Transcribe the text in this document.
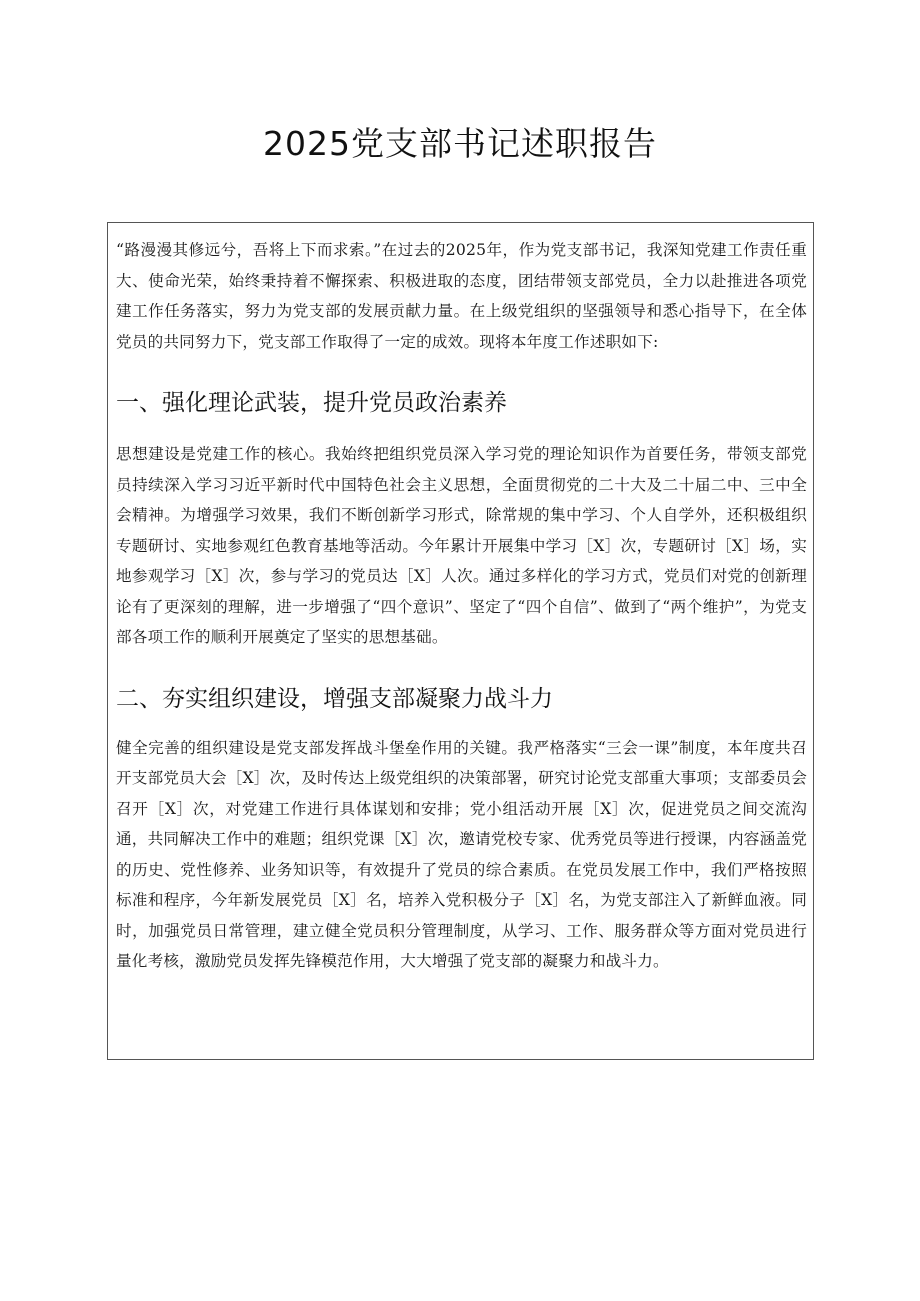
2025党支部书记述职报告

“路漫漫其修远兮，吾将上下而求索。”在过去的2025年，作为党支部书记，我深知党建工作责任重大、使命光荣，始终秉持着不懈探索、积极进取的态度，团结带领支部党员，全力以赴推进各项党建工作任务落实，努力为党支部的发展贡献力量。在上级党组织的坚强领导和悉心指导下，在全体党员的共同努力下，党支部工作取得了一定的成效。现将本年度工作述职如下:

一、强化理论武装，提升党员政治素养

思想建设是党建工作的核心。我始终把组织党员深入学习党的理论知识作为首要任务，带领支部党员持续深入学习习近平新时代中国特色社会主义思想，全面贯彻党的二十大及二十届二中、三中全会精神。为增强学习效果，我们不断创新学习形式，除常规的集中学习、个人自学外，还积极组织专题研讨、实地参观红色教育基地等活动。今年累计开展集中学习［X］次，专题研讨［X］场，实地参观学习［X］次，参与学习的党员达［X］人次。通过多样化的学习方式，党员们对党的创新理论有了更深刻的理解，进一步增强了“四个意识”、坚定了“四个自信”、做到了“两个维护”，为党支部各项工作的顺利开展奠定了坚实的思想基础。

二、夯实组织建设，增强支部凝聚力战斗力

健全完善的组织建设是党支部发挥战斗堡垒作用的关键。我严格落实“三会一课”制度，本年度共召开支部党员大会［X］次，及时传达上级党组织的决策部署，研究讨论党支部重大事项；支部委员会召开［X］次，对党建工作进行具体谋划和安排；党小组活动开展［X］次，促进党员之间交流沟通，共同解决工作中的难题；组织党课［X］次，邀请党校专家、优秀党员等进行授课，内容涵盖党的历史、党性修养、业务知识等，有效提升了党员的综合素质。在党员发展工作中，我们严格按照标准和程序，今年新发展党员［X］名，培养入党积极分子［X］名，为党支部注入了新鲜血液。同时，加强党员日常管理，建立健全党员积分管理制度，从学习、工作、服务群众等方面对党员进行量化考核，激励党员发挥先锋模范作用，大大增强了党支部的凝聚力和战斗力。
